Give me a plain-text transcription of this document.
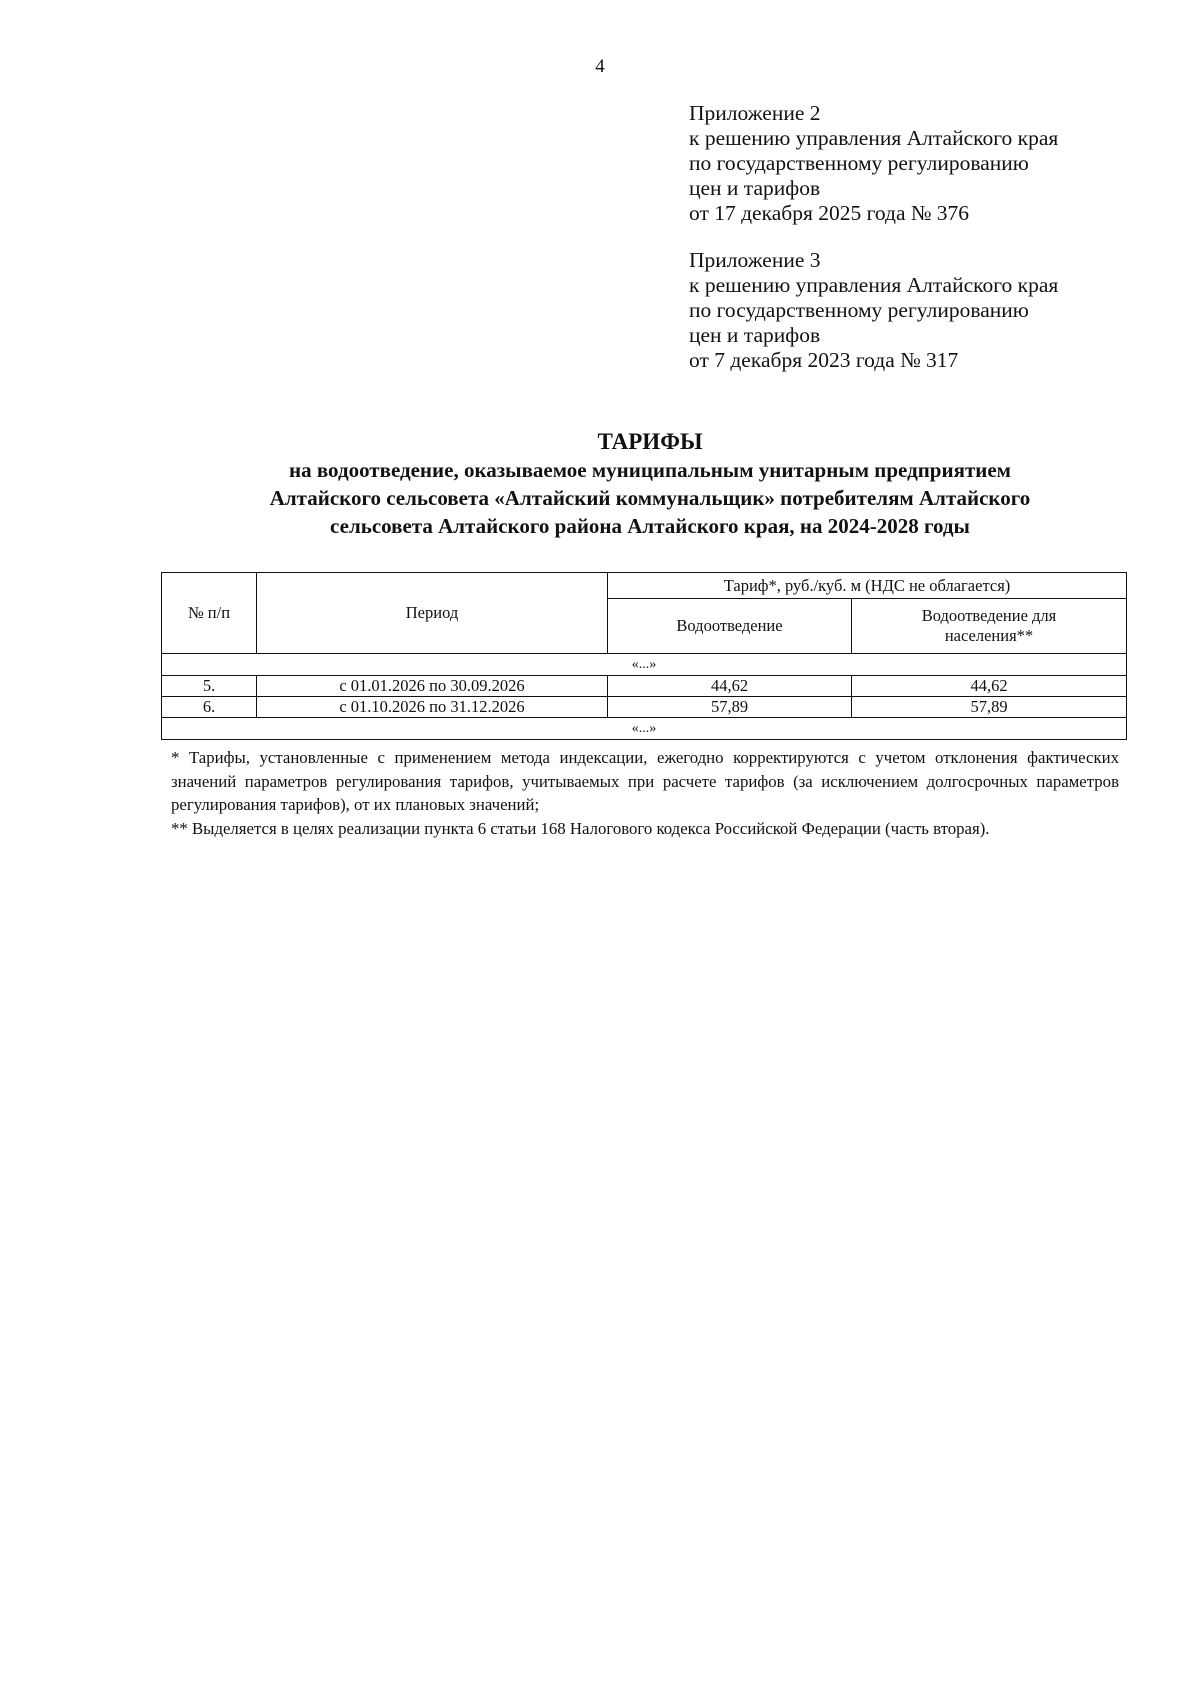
4
Приложение 2
к решению управления Алтайского края
по государственному регулированию
цен и тарифов
от 17 декабря 2025 года № 376
Приложение 3
к решению управления Алтайского края
по государственному регулированию
цен и тарифов
от 7 декабря 2023 года № 317
ТАРИФЫ
на водоотведение, оказываемое муниципальным унитарным предприятием
Алтайского сельсовета «Алтайский коммунальщик» потребителям Алтайского
сельсовета Алтайского района Алтайского края, на 2024-2028 годы
№ п/п	Период	Тариф*, руб./куб. м (НДС не облагается)	
		Водоотведение	Водоотведение для
населения**

«...»			
5.	с 01.01.2026 по 30.09.2026	44,62	44,62
6.	с 01.10.2026 по 31.12.2026	57,89	57,89
«...»			

* Тарифы, установленные с применением метода индексации, ежегодно корректируются с учетом отклонения фактических значений параметров регулирования тарифов, учитываемых при расчете тарифов (за исключением долгосрочных параметров регулирования тарифов), от их плановых значений;

** Выделяется в целях реализации пункта 6 статьи 168 Налогового кодекса Российской Федерации (часть вторая).
